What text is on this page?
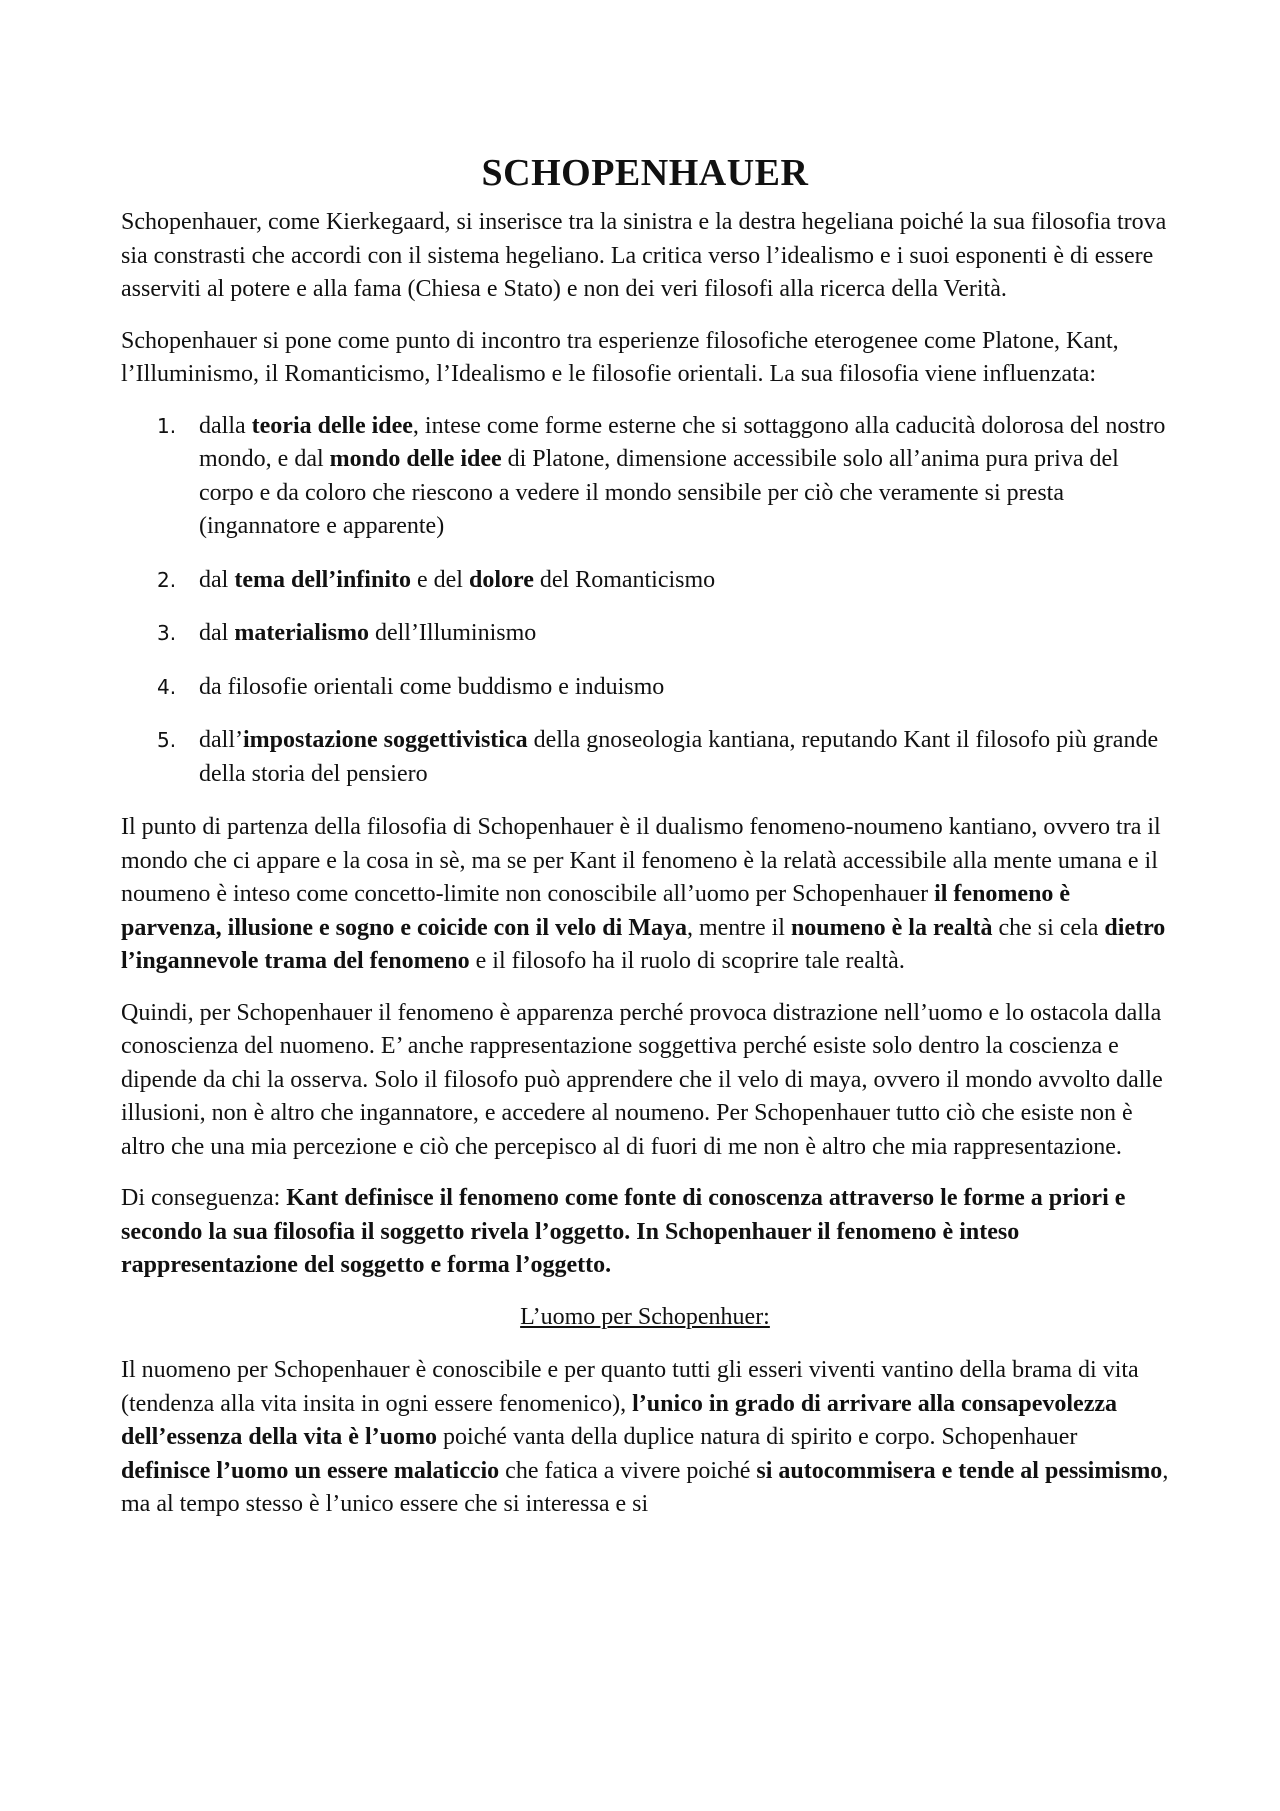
SCHOPENHAUER

Schopenhauer, come Kierkegaard, si inserisce tra la sinistra e la destra hegeliana poiché la sua filosofia trova sia constrasti che accordi con il sistema hegeliano. La critica verso l’idealismo e i suoi esponenti è di essere asserviti al potere e alla fama (Chiesa e Stato) e non dei veri filosofi alla ricerca della Verità.

Schopenhauer si pone come punto di incontro tra esperienze filosofiche eterogenee come Platone, Kant, l’Illuminismo, il Romanticismo, l’Idealismo e le filosofie orientali. La sua filosofia viene influenzata:

1. dalla teoria delle idee, intese come forme esterne che si sottaggono alla caducità dolorosa del nostro mondo, e dal mondo delle idee di Platone, dimensione accessibile solo all’anima pura priva del corpo e da coloro che riescono a vedere il mondo sensibile per ciò che veramente si presta (ingannatore e apparente)
2. dal tema dell’infinito e del dolore del Romanticismo
3. dal materialismo dell’Illuminismo
4. da filosofie orientali come buddismo e induismo
5. dall’impostazione soggettivistica della gnoseologia kantiana, reputando Kant il filosofo più grande della storia del pensiero

Il punto di partenza della filosofia di Schopenhauer è il dualismo fenomeno-noumeno kantiano, ovvero tra il mondo che ci appare e la cosa in sè, ma se per Kant il fenomeno è la relatà accessibile alla mente umana e il noumeno è inteso come concetto-limite non conoscibile all’uomo per Schopenhauer il fenomeno è parvenza, illusione e sogno e coicide con il velo di Maya, mentre il noumeno è la realtà che si cela dietro l’ingannevole trama del fenomeno e il filosofo ha il ruolo di scoprire tale realtà.

Quindi, per Schopenhauer il fenomeno è apparenza perché provoca distrazione nell’uomo e lo ostacola dalla conoscienza del nuomeno. E’ anche rappresentazione soggettiva perché esiste solo dentro la coscienza e dipende da chi la osserva. Solo il filosofo può apprendere che il velo di maya, ovvero il mondo avvolto dalle illusioni, non è altro che ingannatore, e accedere al noumeno. Per Schopenhauer tutto ciò che esiste non è altro che una mia percezione e ciò che percepisco al di fuori di me non è altro che mia rappresentazione.

Di conseguenza: Kant definisce il fenomeno come fonte di conoscenza attraverso le forme a priori e secondo la sua filosofia il soggetto rivela l’oggetto. In Schopenhauer il fenomeno è inteso rappresentazione del soggetto e forma l’oggetto.

L’uomo per Schopenhuer:

Il nuomeno per Schopenhauer è conoscibile e per quanto tutti gli esseri viventi vantino della brama di vita (tendenza alla vita insita in ogni essere fenomenico), l’unico in grado di arrivare alla consapevolezza dell’essenza della vita è l’uomo poiché vanta della duplice natura di spirito e corpo. Schopenhauer definisce l’uomo un essere malaticcio che fatica a vivere poiché si autocommisera e tende al pessimismo, ma al tempo stesso è l’unico essere che si interessa e si
